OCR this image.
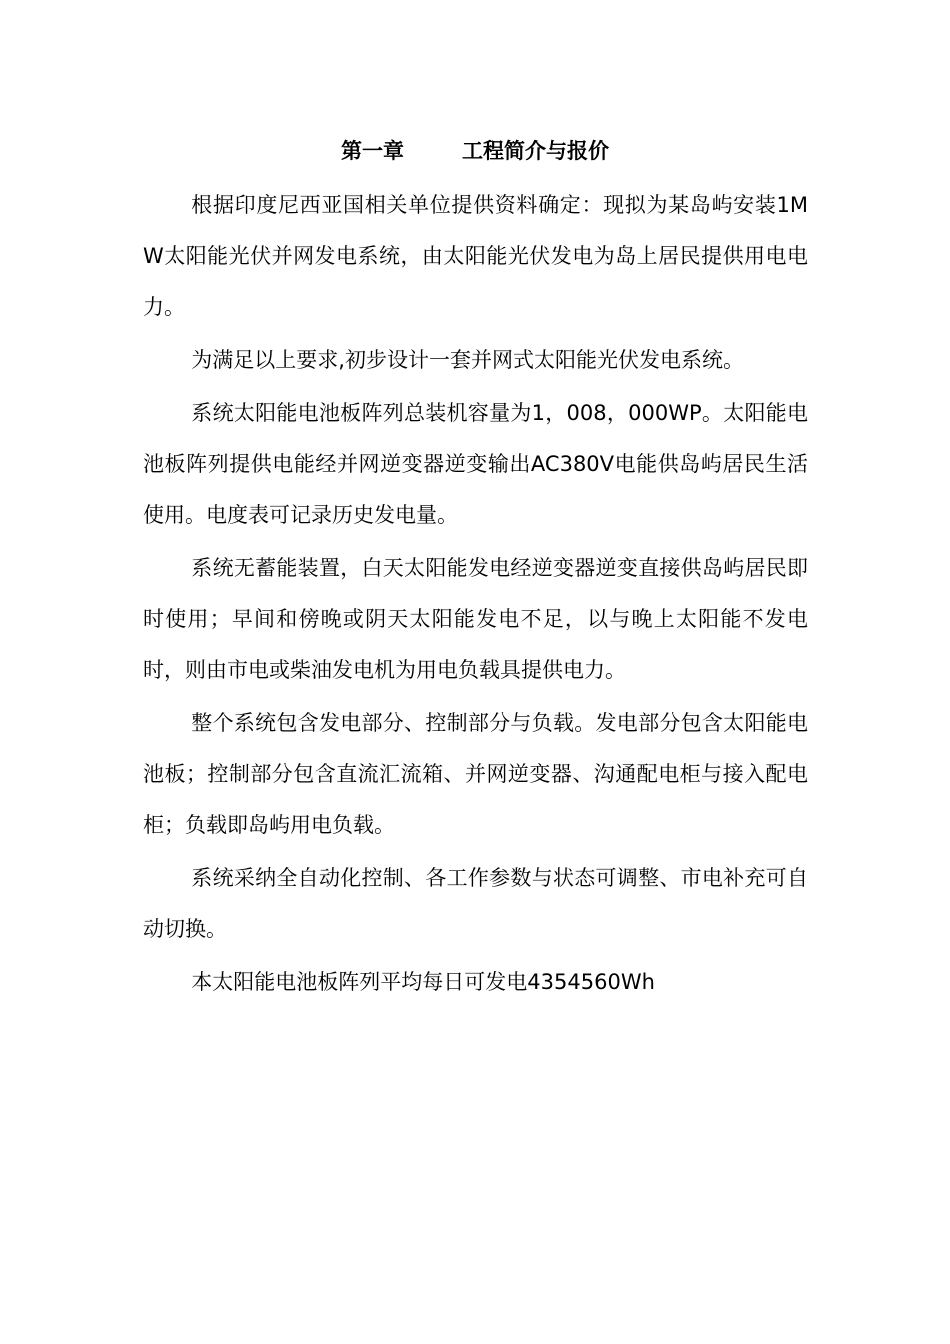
第一章	工程简介与报价

根据印度尼西亚国相关单位提供资料确定：现拟为某岛屿安装1MW太阳能光伏并网发电系统，由太阳能光伏发电为岛上居民提供用电电力。

为满足以上要求,初步设计一套并网式太阳能光伏发电系统。

系统太阳能电池板阵列总装机容量为1，008，000WP。太阳能电池板阵列提供电能经并网逆变器逆变输出AC380V电能供岛屿居民生活使用。电度表可记录历史发电量。

系统无蓄能装置，白天太阳能发电经逆变器逆变直接供岛屿居民即时使用；早间和傍晚或阴天太阳能发电不足，以与晚上太阳能不发电时，则由市电或柴油发电机为用电负载具提供电力。

整个系统包含发电部分、控制部分与负载。发电部分包含太阳能电池板；控制部分包含直流汇流箱、并网逆变器、沟通配电柜与接入配电柜；负载即岛屿用电负载。

系统采纳全自动化控制、各工作参数与状态可调整、市电补充可自动切换。

本太阳能电池板阵列平均每日可发电4354560Wh
